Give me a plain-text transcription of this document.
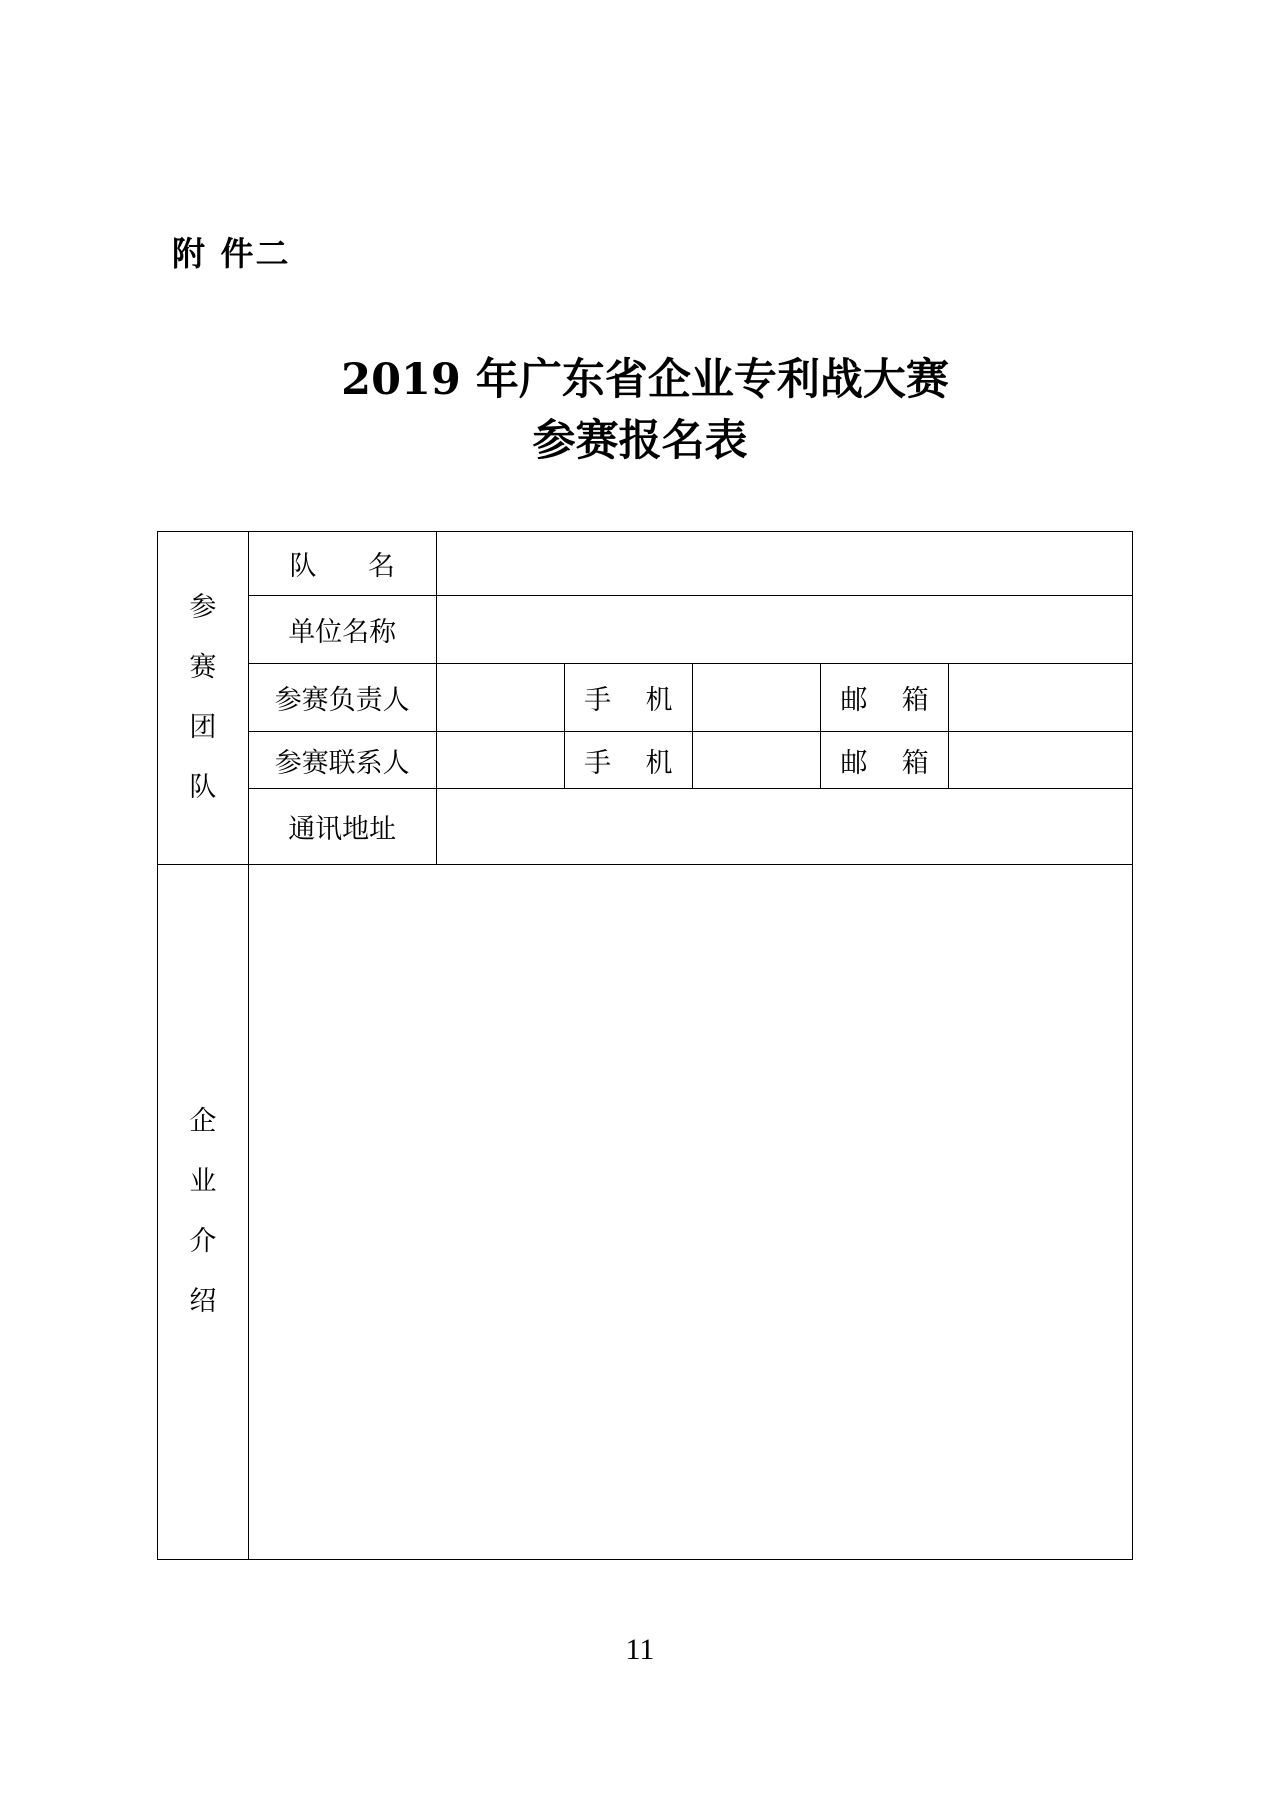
附 件二
2019 年广东省企业专利战大赛
参赛报名表
参赛团队	队      名					
	单位名称					
	参赛负责人		手    机		邮    箱	
	参赛联系人		手    机		邮    箱	
	通讯地址					

企业介绍						

11
